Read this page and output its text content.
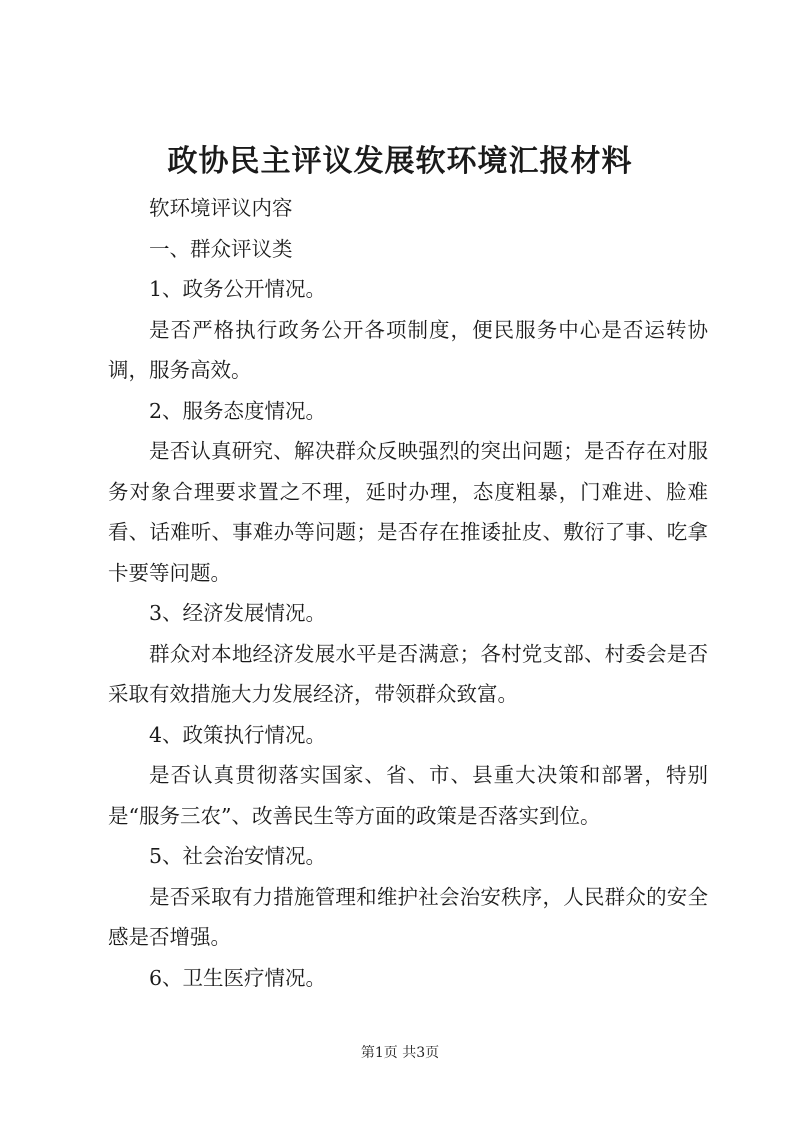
政协民主评议发展软环境汇报材料

软环境评议内容

一、群众评议类

1、政务公开情况。

是否严格执行政务公开各项制度，便民服务中心是否运转协调，服务高效。

2、服务态度情况。

是否认真研究、解决群众反映强烈的突出问题；是否存在对服务对象合理要求置之不理，延时办理，态度粗暴，门难进、脸难看、话难听、事难办等问题；是否存在推诿扯皮、敷衍了事、吃拿卡要等问题。

3、经济发展情况。

群众对本地经济发展水平是否满意；各村党支部、村委会是否采取有效措施大力发展经济，带领群众致富。

4、政策执行情况。

是否认真贯彻落实国家、省、市、县重大决策和部署，特别是“服务三农”、改善民生等方面的政策是否落实到位。

5、社会治安情况。

是否采取有力措施管理和维护社会治安秩序，人民群众的安全感是否增强。

6、卫生医疗情况。

第1页 共3页
